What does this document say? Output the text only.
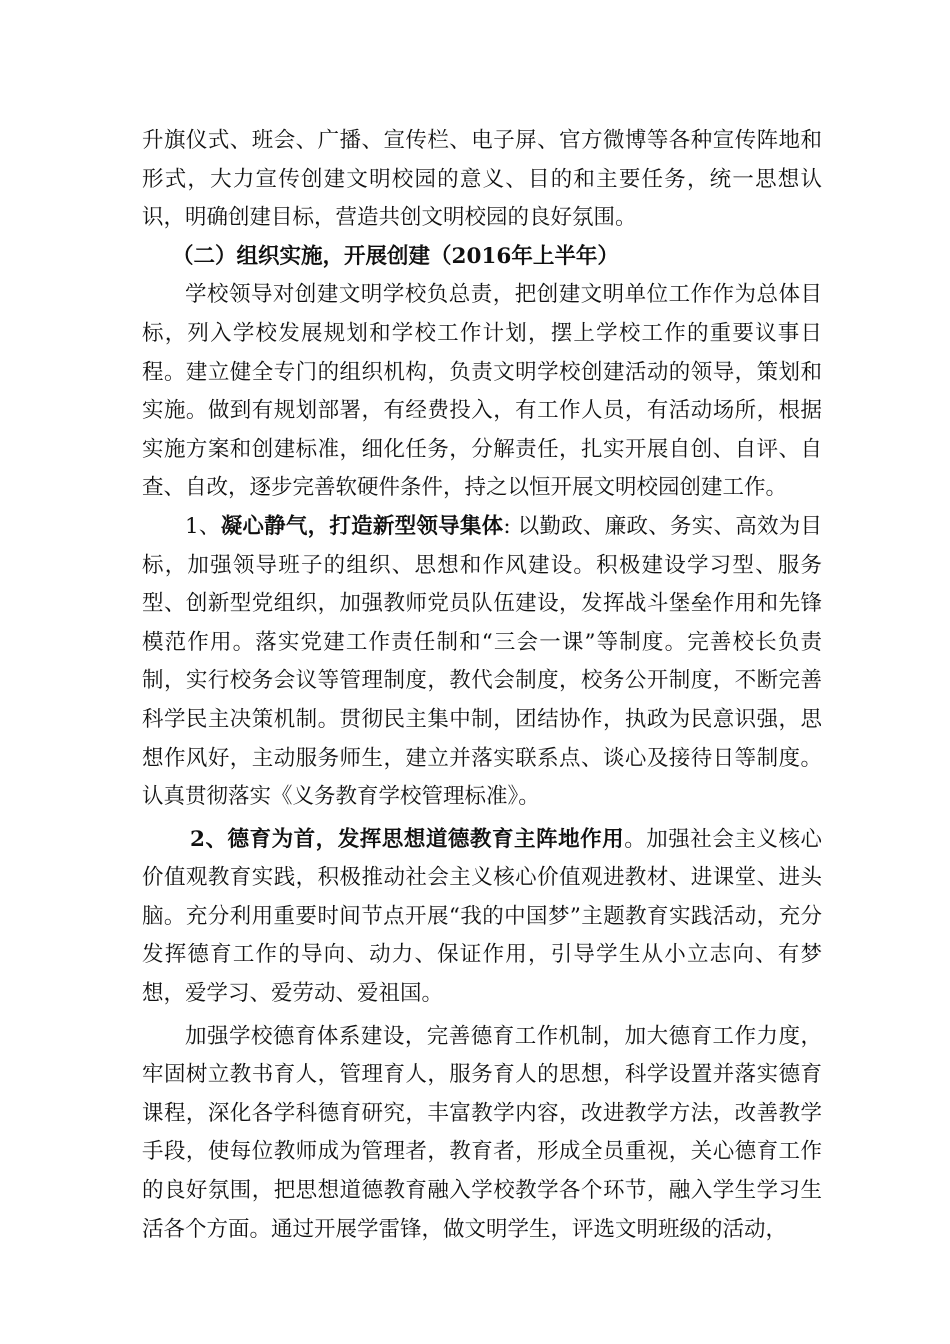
升旗仪式、班会、广播、宣传栏、电子屏、官方微博等各种宣传阵地和形式，大力宣传创建文明校园的意义、目的和主要任务，统一思想认识，明确创建目标，营造共创文明校园的良好氛围。

（二）组织实施，开展创建（2016年上半年）

学校领导对创建文明学校负总责，把创建文明单位工作作为总体目标，列入学校发展规划和学校工作计划，摆上学校工作的重要议事日程。建立健全专门的组织机构，负责文明学校创建活动的领导，策划和实施。做到有规划部署，有经费投入，有工作人员，有活动场所，根据实施方案和创建标准，细化任务，分解责任，扎实开展自创、自评、自查、自改，逐步完善软硬件条件，持之以恒开展文明校园创建工作。

1、凝心静气，打造新型领导集体: 以勤政、廉政、务实、高效为目标，加强领导班子的组织、思想和作风建设。积极建设学习型、服务型、创新型党组织，加强教师党员队伍建设，发挥战斗堡垒作用和先锋模范作用。落实党建工作责任制和“三会一课”等制度。完善校长负责制，实行校务会议等管理制度，教代会制度，校务公开制度，不断完善科学民主决策机制。贯彻民主集中制，团结协作，执政为民意识强，思想作风好，主动服务师生，建立并落实联系点、谈心及接待日等制度。认真贯彻落实《义务教育学校管理标准》。

2、德育为首，发挥思想道德教育主阵地作用。加强社会主义核心价值观教育实践，积极推动社会主义核心价值观进教材、进课堂、进头脑。充分利用重要时间节点开展“我的中国梦”主题教育实践活动，充分发挥德育工作的导向、动力、保证作用，引导学生从小立志向、有梦想，爱学习、爱劳动、爱祖国。

加强学校德育体系建设，完善德育工作机制，加大德育工作力度，牢固树立教书育人，管理育人，服务育人的思想，科学设置并落实德育课程，深化各学科德育研究，丰富教学内容，改进教学方法，改善教学手段，使每位教师成为管理者，教育者，形成全员重视，关心德育工作的良好氛围，把思想道德教育融入学校教学各个环节，融入学生学习生活各个方面。通过开展学雷锋，做文明学生，评选文明班级的活动，
